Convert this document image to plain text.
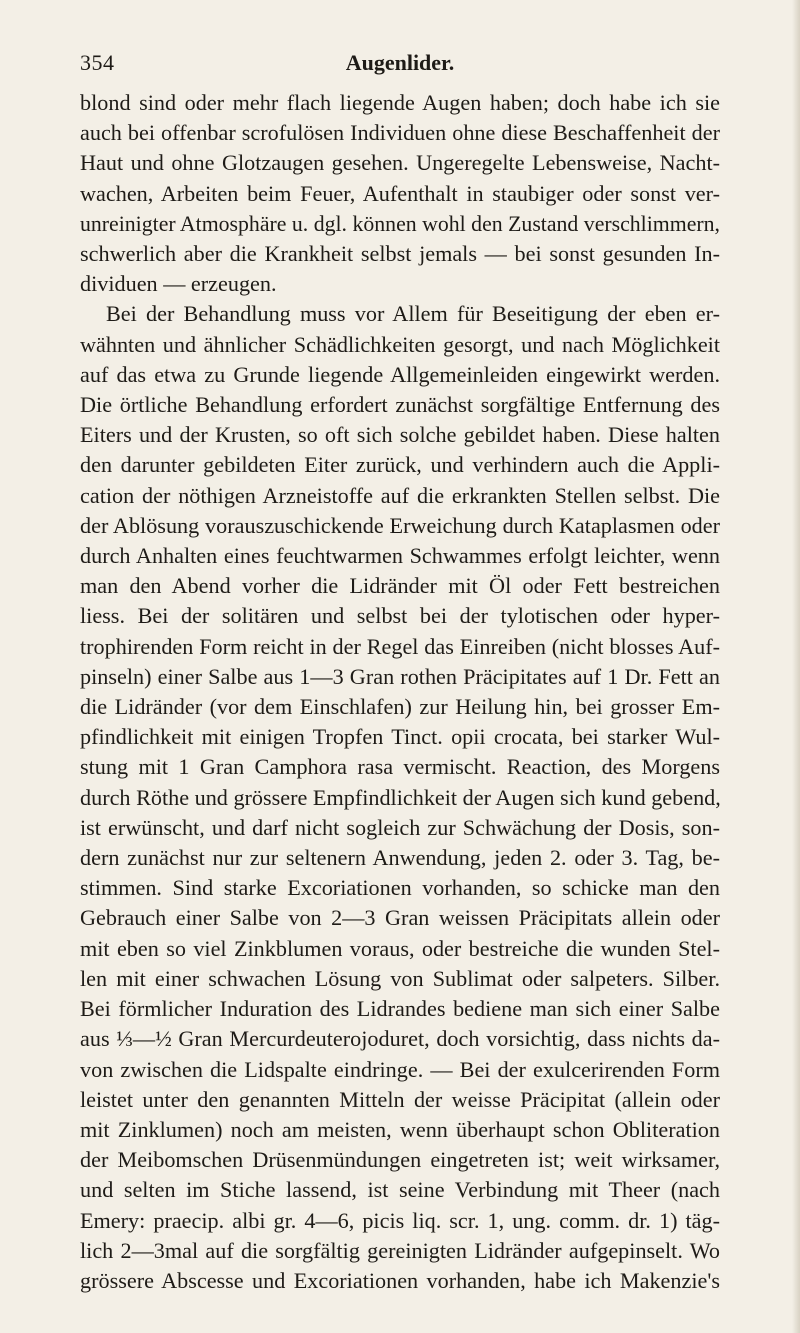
354	Augenlider.
blond sind oder mehr flach liegende Augen haben; doch habe ich sie
auch bei offenbar scrofulösen Individuen ohne diese Beschaffenheit der
Haut und ohne Glotzaugen gesehen. Ungeregelte Lebensweise, Nacht-
wachen, Arbeiten beim Feuer, Aufenthalt in staubiger oder sonst ver-
unreinigter Atmosphäre u. dgl. können wohl den Zustand verschlimmern,
schwerlich aber die Krankheit selbst jemals — bei sonst gesunden In-
dividuen — erzeugen.
Bei der Behandlung muss vor Allem für Beseitigung der eben er-
wähnten und ähnlicher Schädlichkeiten gesorgt, und nach Möglichkeit
auf das etwa zu Grunde liegende Allgemeinleiden eingewirkt werden.
Die örtliche Behandlung erfordert zunächst sorgfältige Entfernung des
Eiters und der Krusten, so oft sich solche gebildet haben. Diese halten
den darunter gebildeten Eiter zurück, und verhindern auch die Appli-
cation der nöthigen Arzneistoffe auf die erkrankten Stellen selbst. Die
der Ablösung vorauszuschickende Erweichung durch Kataplasmen oder
durch Anhalten eines feuchtwarmen Schwammes erfolgt leichter, wenn
man den Abend vorher die Lidränder mit Öl oder Fett bestreichen
liess. Bei der solitären und selbst bei der tylotischen oder hyper-
trophirenden Form reicht in der Regel das Einreiben (nicht blosses Auf-
pinseln) einer Salbe aus 1—3 Gran rothen Präcipitates auf 1 Dr. Fett an
die Lidränder (vor dem Einschlafen) zur Heilung hin, bei grosser Em-
pfindlichkeit mit einigen Tropfen Tinct. opii crocata, bei starker Wul-
stung mit 1 Gran Camphora rasa vermischt. Reaction, des Morgens
durch Röthe und grössere Empfindlichkeit der Augen sich kund gebend,
ist erwünscht, und darf nicht sogleich zur Schwächung der Dosis, son-
dern zunächst nur zur seltenern Anwendung, jeden 2. oder 3. Tag, be-
stimmen. Sind starke Excoriationen vorhanden, so schicke man den
Gebrauch einer Salbe von 2—3 Gran weissen Präcipitats allein oder
mit eben so viel Zinkblumen voraus, oder bestreiche die wunden Stel-
len mit einer schwachen Lösung von Sublimat oder salpeters. Silber.
Bei förmlicher Induration des Lidrandes bediene man sich einer Salbe
aus ⅓—½ Gran Mercurdeuterojoduret, doch vorsichtig, dass nichts da-
von zwischen die Lidspalte eindringe. — Bei der exulcerirenden Form
leistet unter den genannten Mitteln der weisse Präcipitat (allein oder
mit Zinklumen) noch am meisten, wenn überhaupt schon Obliteration
der Meibomschen Drüsenmündungen eingetreten ist; weit wirksamer,
und selten im Stiche lassend, ist seine Verbindung mit Theer (nach
Emery: praecip. albi gr. 4—6, picis liq. scr. 1, ung. comm. dr. 1) täg-
lich 2—3mal auf die sorgfältig gereinigten Lidränder aufgepinselt. Wo
grössere Abscesse und Excoriationen vorhanden, habe ich Makenzie's
